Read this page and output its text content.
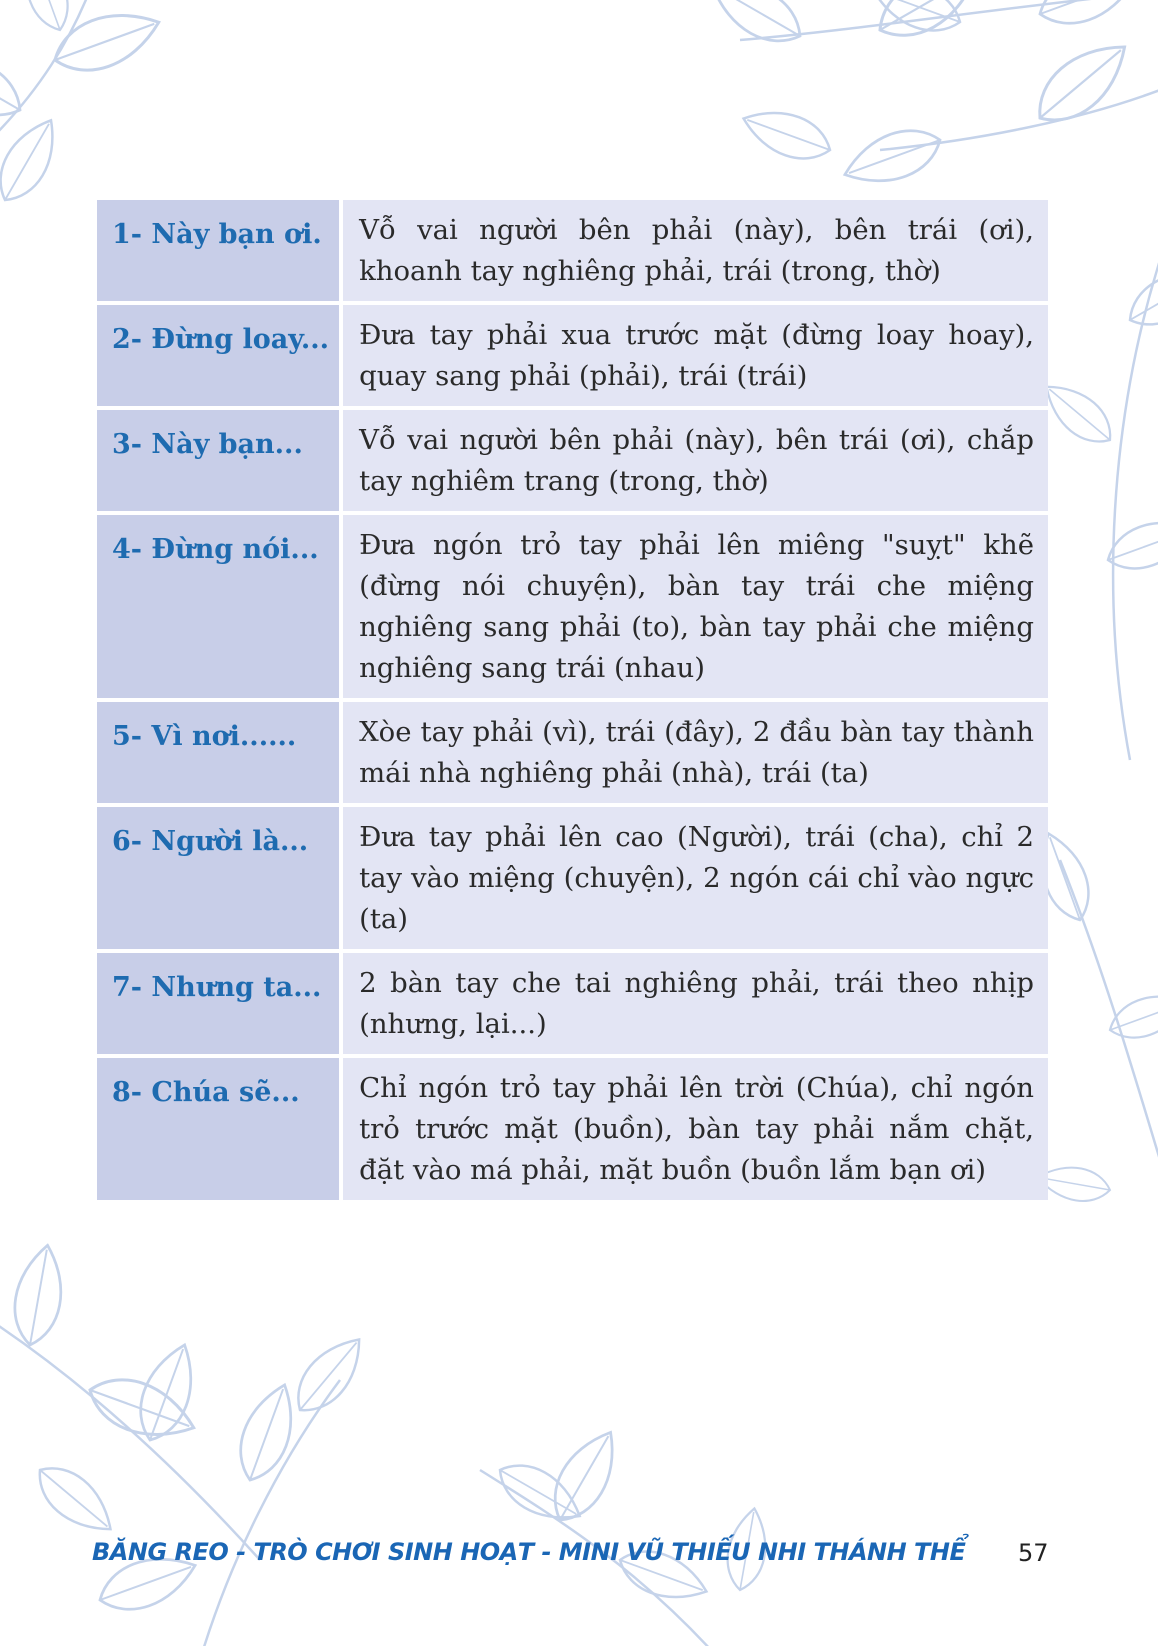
1- Này bạn ơi.	Vỗ vai người bên phải (này), bên trái (ơi), khoanh tay nghiêng phải, trái (trong, thờ)
2- Đừng loay...	Đưa tay phải xua trước mặt (đừng loay hoay), quay sang phải (phải), trái (trái)
3- Này bạn...	Vỗ vai người bên phải (này), bên trái (ơi), chắp tay nghiêm trang (trong, thờ)
4- Đừng nói...	Đưa ngón trỏ tay phải lên miêng "suỵt" khẽ (đừng nói chuyện), bàn tay trái che miệng nghiêng sang phải (to), bàn tay phải che miệng nghiêng sang trái (nhau)
5- Vì nơi......	Xòe tay phải (vì), trái (đây), 2 đầu bàn tay thành mái nhà nghiêng phải (nhà), trái (ta)
6- Người là...	Đưa tay phải lên cao (Người), trái (cha), chỉ 2 tay vào miệng (chuyện), 2 ngón cái chỉ vào ngực (ta)
7- Nhưng ta...	2 bàn tay che tai nghiêng phải, trái theo nhịp (nhưng, lại...)
8- Chúa sẽ...	Chỉ ngón trỏ tay phải lên trời (Chúa), chỉ ngón trỏ trước mặt (buồn), bàn tay phải nắm chặt, đặt vào má phải, mặt buồn (buồn lắm bạn ơi)
BĂNG REO - TRÒ CHƠI SINH HOẠT - MINI VŨ THIẾU NHI THÁNH THỂ 57
